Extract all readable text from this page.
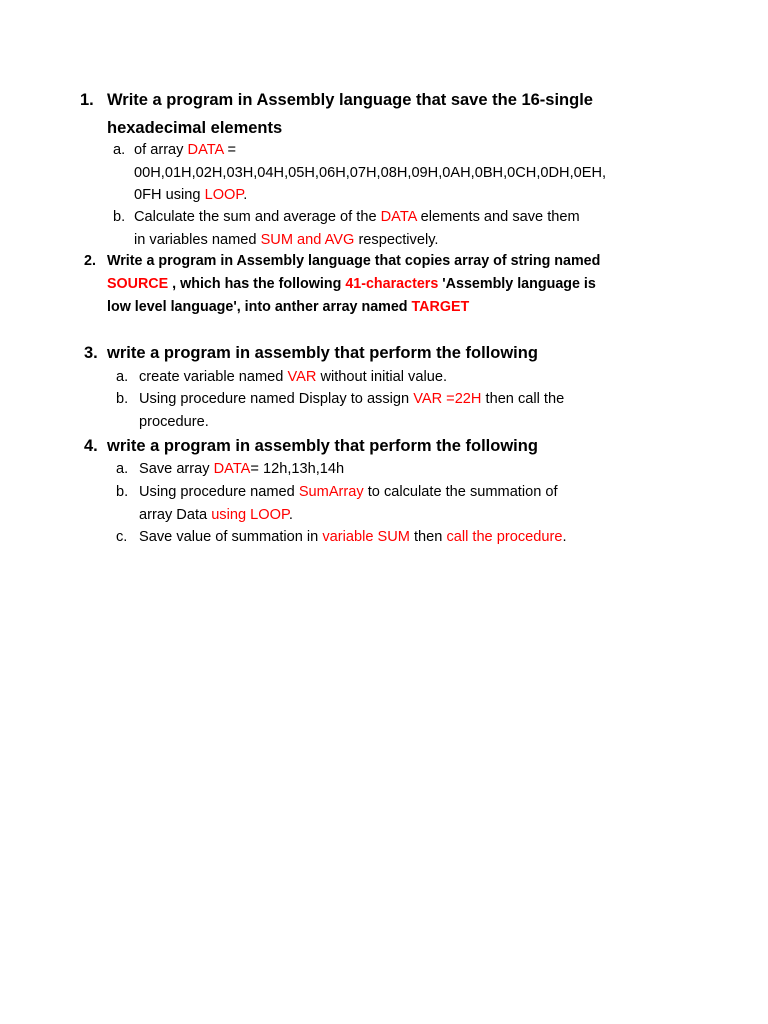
1. Write a program in Assembly language that save the 16-single
hexadecimal elements
a. of array DATA =
00H,01H,02H,03H,04H,05H,06H,07H,08H,09H,0AH,0BH,0CH,0DH,0EH,
0FH using LOOP.
b. Calculate the sum and average of the DATA elements and save them
in variables named SUM and AVG respectively.
2. Write a program in Assembly language that copies array of string named
SOURCE , which has the following 41-characters 'Assembly language is
low level language', into anther array named TARGET
3. write a program in assembly that perform the following
a. create variable named VAR without initial value.
b. Using procedure named Display to assign VAR =22H then call the
procedure.
4. write a program in assembly that perform the following
a. Save array DATA= 12h,13h,14h
b. Using procedure named SumArray to calculate the summation of
array Data using LOOP.
c. Save value of summation in variable SUM then call the procedure.
